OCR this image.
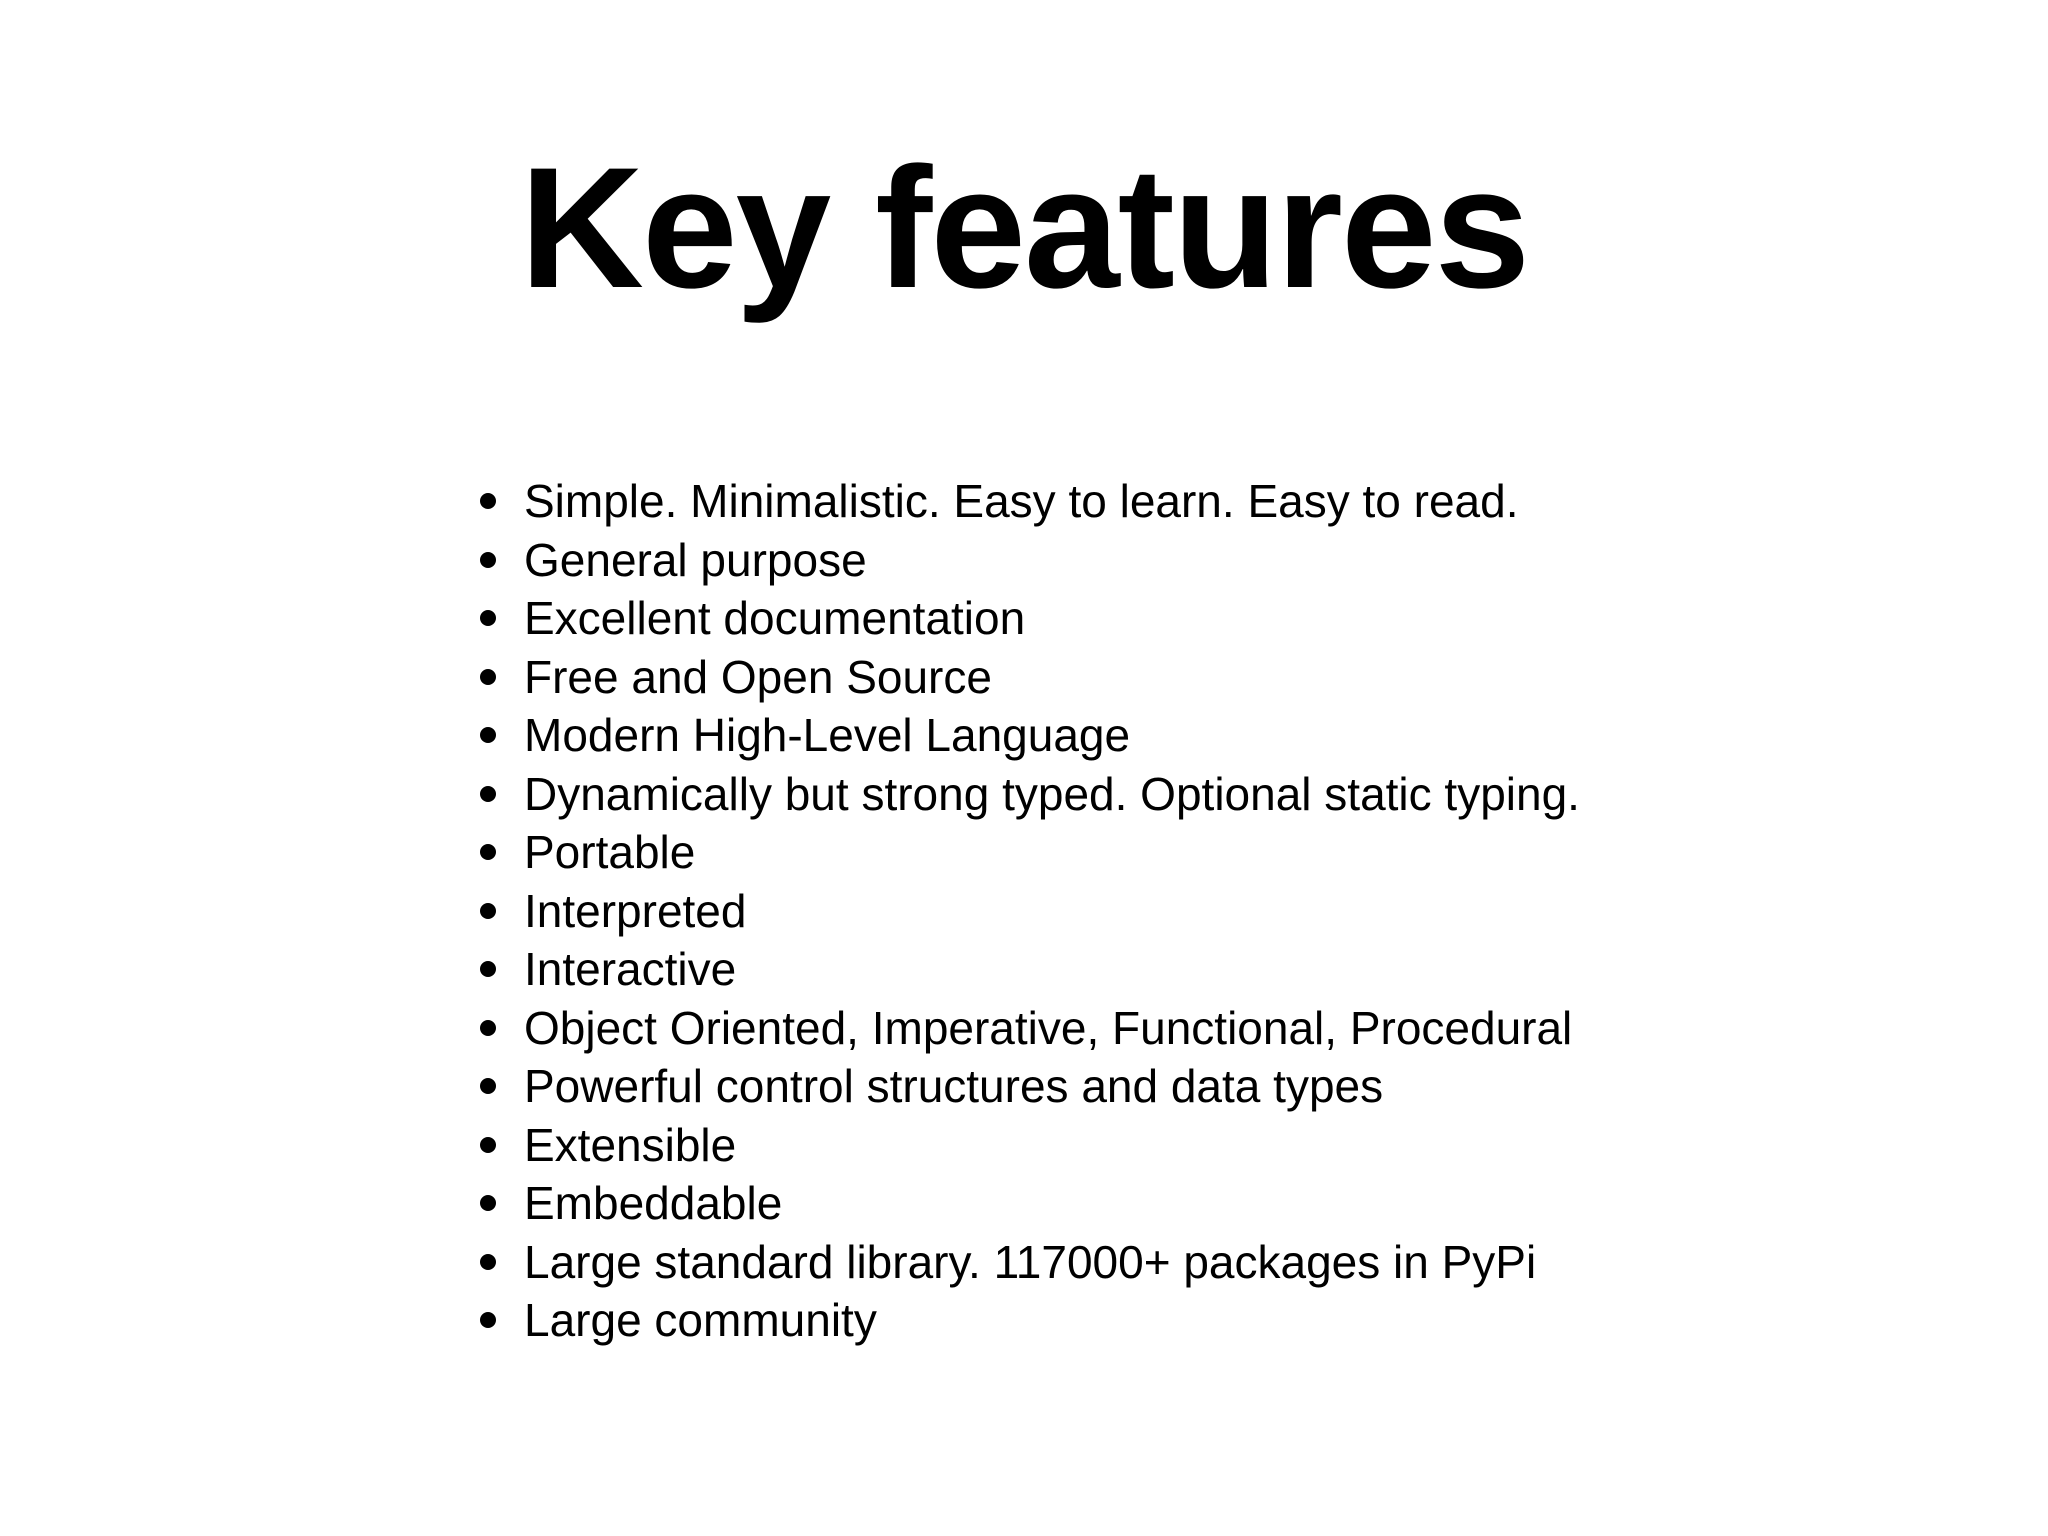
Key features
Simple. Minimalistic. Easy to learn. Easy to read.
General purpose
Excellent documentation
Free and Open Source
Modern High-Level Language
Dynamically but strong typed. Optional static typing.
Portable
Interpreted
Interactive
Object Oriented, Imperative, Functional, Procedural
Powerful control structures and data types
Extensible
Embeddable
Large standard library. 117000+ packages in PyPi
Large community
